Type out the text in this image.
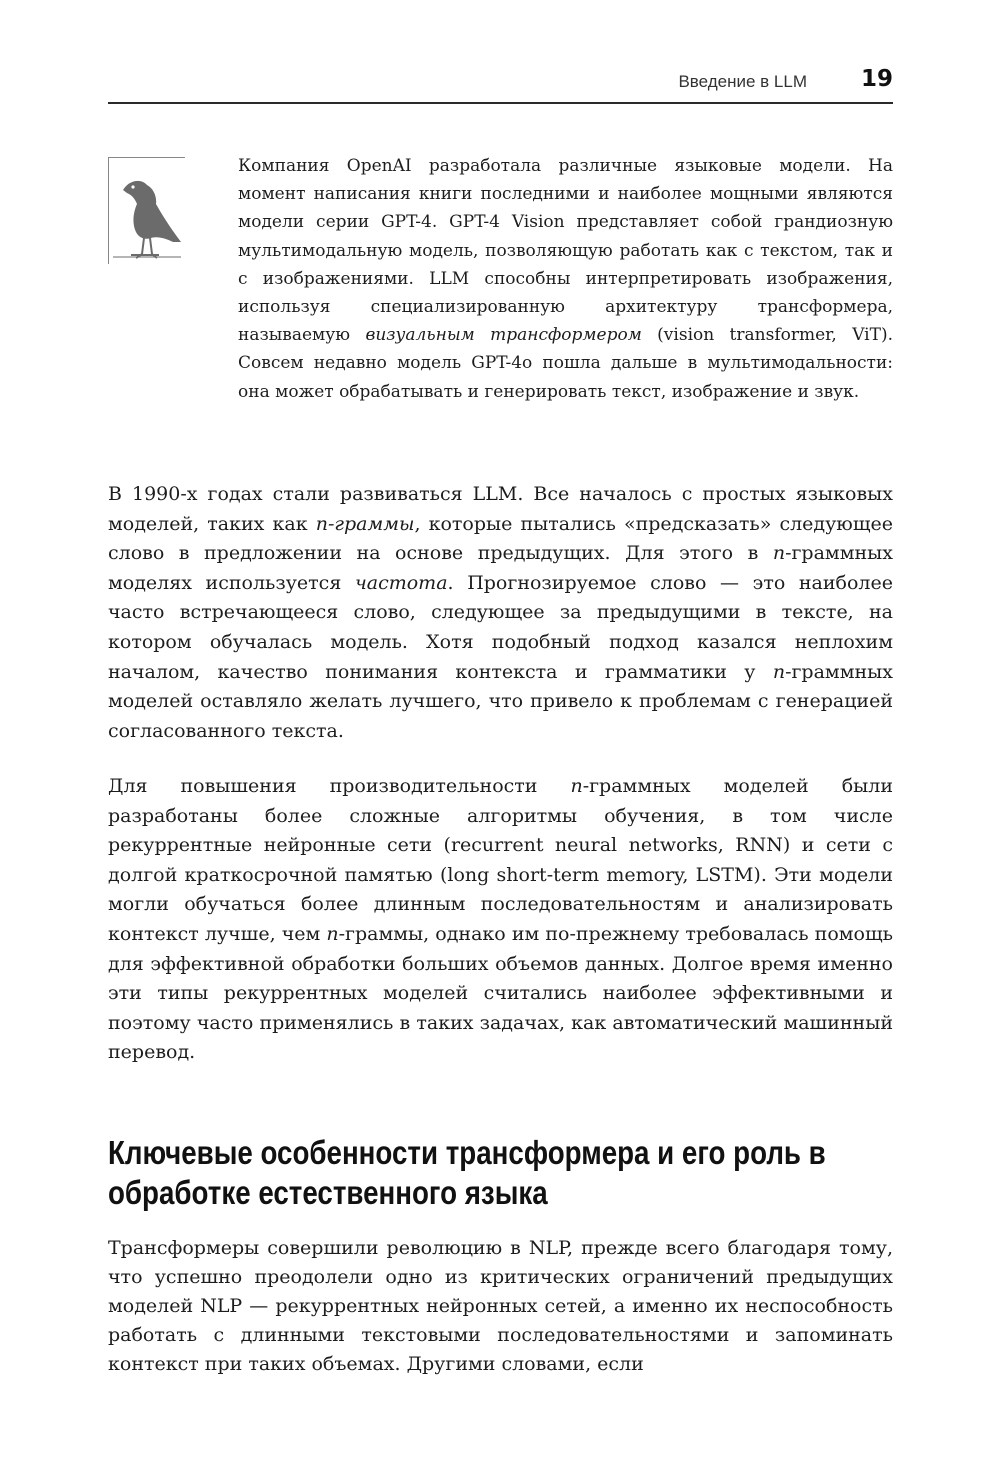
Введение в LLM 19

Компания OpenAI разработала различные языковые модели. На момент написания книги последними и наиболее мощными являются модели серии GPT-4. GPT-4 Vision представляет собой грандиозную мультимодальную модель, позволяющую работать как с текстом, так и с изображениями. LLM способны интерпретировать изображения, используя специализированную архитектуру трансформера, называемую визуальным трансформером (vision transformer, ViT). Совсем недавно модель GPT-4o пошла дальше в мультимодальности: она может обрабатывать и генерировать текст, изображение и звук.

В 1990-х годах стали развиваться LLM. Все началось с простых языковых моделей, таких как n-граммы, которые пытались «предсказать» следующее слово в предложении на основе предыдущих. Для этого в n-граммных моделях используется частота. Прогнозируемое слово — это наиболее часто встречающееся слово, следующее за предыдущими в тексте, на котором обучалась модель. Хотя подобный подход казался неплохим началом, качество понимания контекста и грамматики у n-граммных моделей оставляло желать лучшего, что привело к проблемам с генерацией согласованного текста.

Для повышения производительности n-граммных моделей были разработаны более сложные алгоритмы обучения, в том числе рекуррентные нейронные сети (recurrent neural networks, RNN) и сети с долгой краткосрочной памятью (long short-term memory, LSTM). Эти модели могли обучаться более длинным последовательностям и анализировать контекст лучше, чем n-граммы, однако им по-прежнему требовалась помощь для эффективной обработки больших объемов данных. Долгое время именно эти типы рекуррентных моделей считались наиболее эффективными и поэтому часто применялись в таких задачах, как автоматический машинный перевод.

Ключевые особенности трансформера и его роль в обработке естественного языка

Трансформеры совершили революцию в NLP, прежде всего благодаря тому, что успешно преодолели одно из критических ограничений предыдущих моделей NLP — рекуррентных нейронных сетей, а именно их неспособность работать с длинными текстовыми последовательностями и запоминать контекст при таких объемах. Другими словами, если
